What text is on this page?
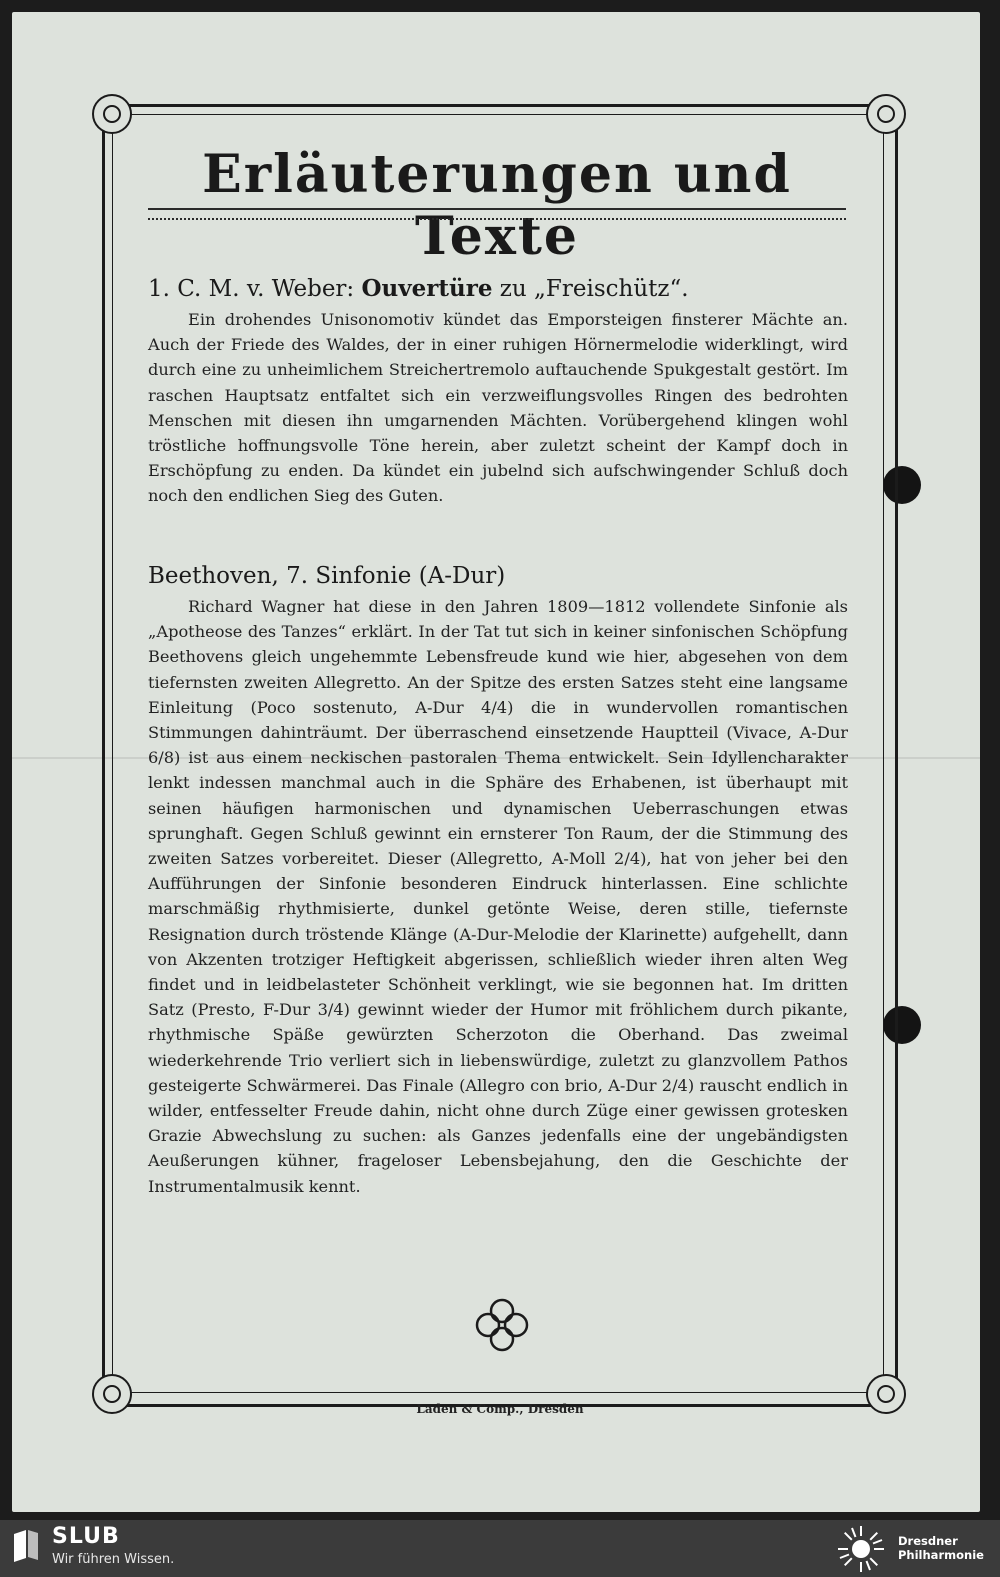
Erläuterungen und Texte
1. C. M. v. Weber: Ouvertüre zu „Freischütz“.

Ein drohendes Unisonomotiv kündet das Emporsteigen finsterer Mächte an. Auch der Friede des Waldes, der in einer ruhigen Hörnermelodie widerklingt, wird durch eine zu unheimlichem Streichertremolo auftauchende Spukgestalt gestört. Im raschen Hauptsatz entfaltet sich ein verzweiflungsvolles Ringen des bedrohten Menschen mit diesen ihn umgarnenden Mächten. Vorübergehend klingen wohl tröstliche hoffnungsvolle Töne herein, aber zuletzt scheint der Kampf doch in Erschöpfung zu enden. Da kündet ein jubelnd sich aufschwingender Schluß doch noch den endlichen Sieg des Guten.

Beethoven, 7. Sinfonie (A-Dur)

Richard Wagner hat diese in den Jahren 1809—1812 vollendete Sinfonie als „Apotheose des Tanzes“ erklärt. In der Tat tut sich in keiner sinfonischen Schöpfung Beethovens gleich ungehemmte Lebensfreude kund wie hier, abgesehen von dem tiefernsten zweiten Allegretto. An der Spitze des ersten Satzes steht eine langsame Einleitung (Poco sostenuto, A-Dur 4/4) die in wundervollen romantischen Stimmungen dahinträumt. Der überraschend einsetzende Hauptteil (Vivace, A-Dur 6/8) ist aus einem neckischen pastoralen Thema entwickelt. Sein Idyllencharakter lenkt indessen manchmal auch in die Sphäre des Erhabenen, ist überhaupt mit seinen häufigen harmonischen und dynamischen Ueberraschungen etwas sprunghaft. Gegen Schluß gewinnt ein ernsterer Ton Raum, der die Stimmung des zweiten Satzes vorbereitet. Dieser (Allegretto, A-Moll 2/4), hat von jeher bei den Aufführungen der Sinfonie besonderen Eindruck hinterlassen. Eine schlichte marschmäßig rhythmisierte, dunkel getönte Weise, deren stille, tiefernste Resignation durch tröstende Klänge (A-Dur-Melodie der Klarinette) aufgehellt, dann von Akzenten trotziger Heftigkeit abgerissen, schließlich wieder ihren alten Weg findet und in leidbelasteter Schönheit verklingt, wie sie begonnen hat. Im dritten Satz (Presto, F-Dur 3/4) gewinnt wieder der Humor mit fröhlichem durch pikante, rhythmische Späße gewürzten Scherzoton die Oberhand. Das zweimal wiederkehrende Trio verliert sich in liebenswürdige, zuletzt zu glanzvollem Pathos gesteigerte Schwärmerei. Das Finale (Allegro con brio, A-Dur 2/4) rauscht endlich in wilder, entfesselter Freude dahin, nicht ohne durch Züge einer gewissen grotesken Grazie Abwechslung zu suchen: als Ganzes jedenfalls eine der ungebändigsten Aeußerungen kühner, frageloser Lebensbejahung, den die Geschichte der Instrumentalmusik kennt.

Laden & Comp., Dresden
SLUB
Wir führen Wissen.
Dresdner
Philharmonie
